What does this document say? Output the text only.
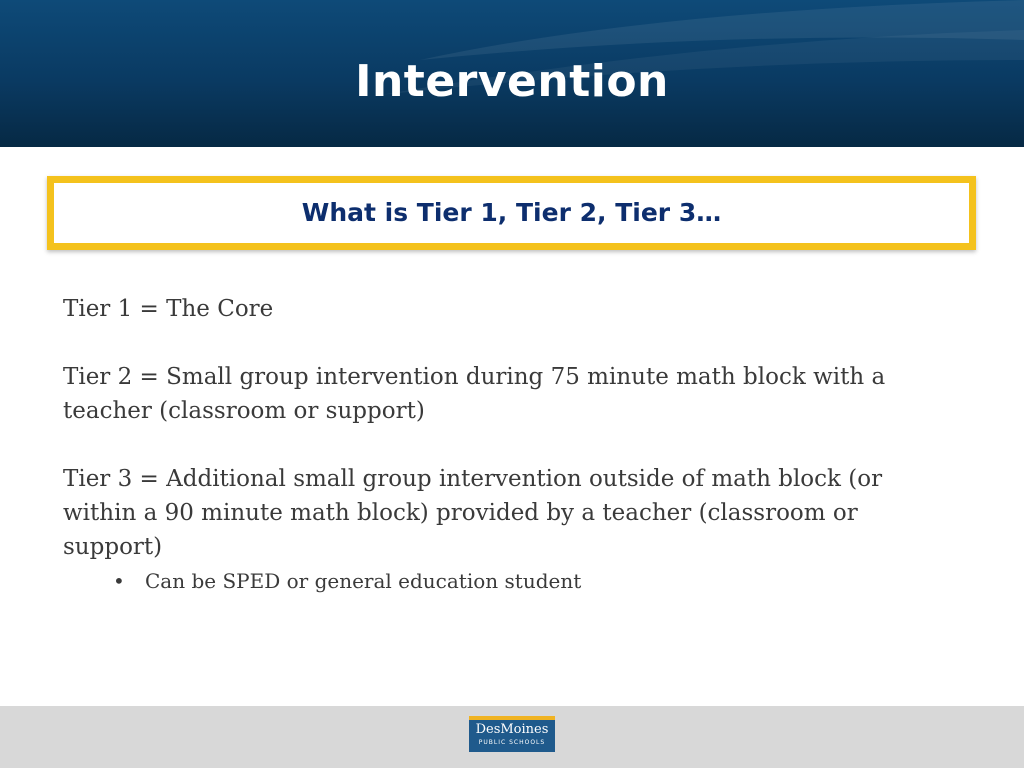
Intervention
What is Tier 1, Tier 2, Tier 3…

Tier 1 = The Core

Tier 2 = Small group intervention during 75 minute math block with a teacher (classroom or support)

Tier 3 = Additional small group intervention outside of math block (or within a 90 minute math block) provided by a teacher (classroom or support)

• Can be SPED or general education student
DesMoines
PUBLIC SCHOOLS
